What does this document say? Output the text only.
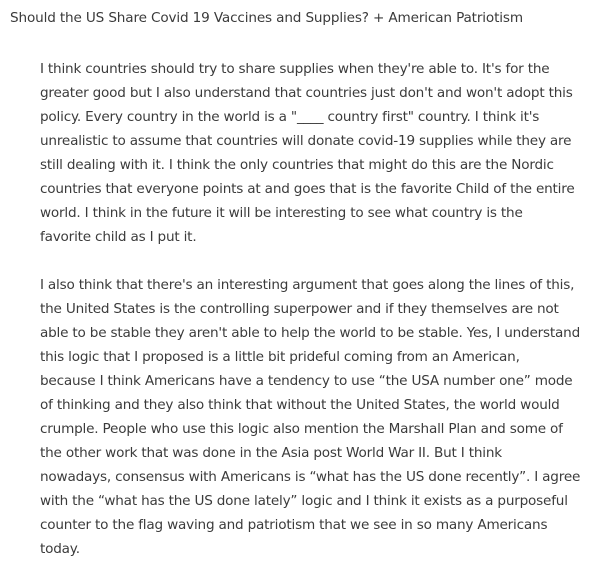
Should the US Share Covid 19 Vaccines and Supplies? + American Patriotism

I think countries should try to share supplies when they're able to. It's for the
greater good but I also understand that countries just don't and won't adopt this
policy. Every country in the world is a "____ country first" country. I think it's
unrealistic to assume that countries will donate covid-19 supplies while they are
still dealing with it. I think the only countries that might do this are the Nordic
countries that everyone points at and goes that is the favorite Child of the entire
world. I think in the future it will be interesting to see what country is the
favorite child as I put it.

I also think that there's an interesting argument that goes along the lines of this,
the United States is the controlling superpower and if they themselves are not
able to be stable they aren't able to help the world to be stable. Yes, I understand
this logic that I proposed is a little bit prideful coming from an American,
because I think Americans have a tendency to use “the USA number one” mode
of thinking and they also think that without the United States, the world would
crumple. People who use this logic also mention the Marshall Plan and some of
the other work that was done in the Asia post World War II. But I think
nowadays, consensus with Americans is “what has the US done recently”. I agree
with the “what has the US done lately” logic and I think it exists as a purposeful
counter to the flag waving and patriotism that we see in so many Americans
today.
